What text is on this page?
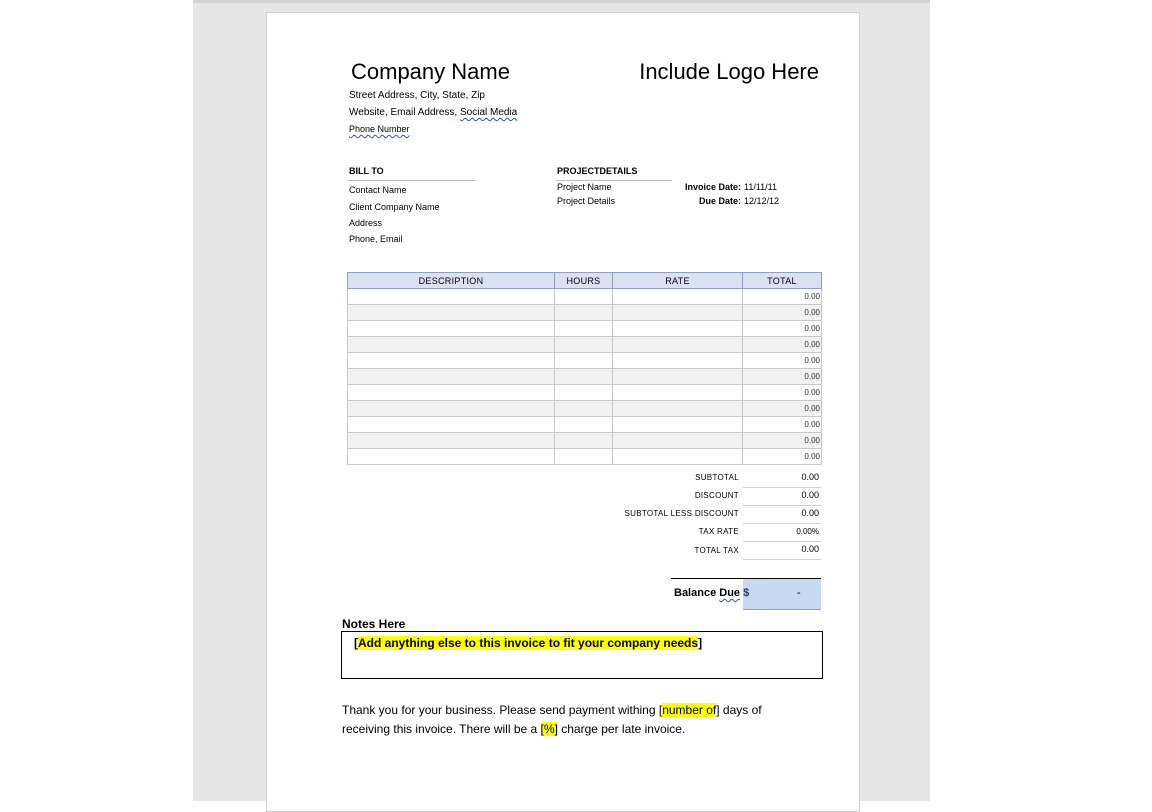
Company Name	Include Logo Here
Street Address, City, State, Zip
Website, Email Address, Social Media
Phone Number
BILL TO
Contact Name
Client Company Name
Address
Phone, Email
PROJECTDETAILS
Project Name
Project Details
Invoice Date: 11/11/11
Due Date: 12/12/12
DESCRIPTION	HOURS	RATE	TOTAL
			0.00
			0.00
			0.00
			0.00
			0.00
			0.00
			0.00
			0.00
			0.00
			0.00
			0.00
SUBTOTAL	0.00
DISCOUNT	0.00
SUBTOTAL LESS DISCOUNT	0.00
TAX RATE	0.00%
TOTAL TAX	0.00
Balance Due $	-
Notes Here
[Add anything else to this invoice to fit your company needs]
Thank you for your business. Please send payment withing [number of] days of
receiving this invoice. There will be a [%] charge per late invoice.
